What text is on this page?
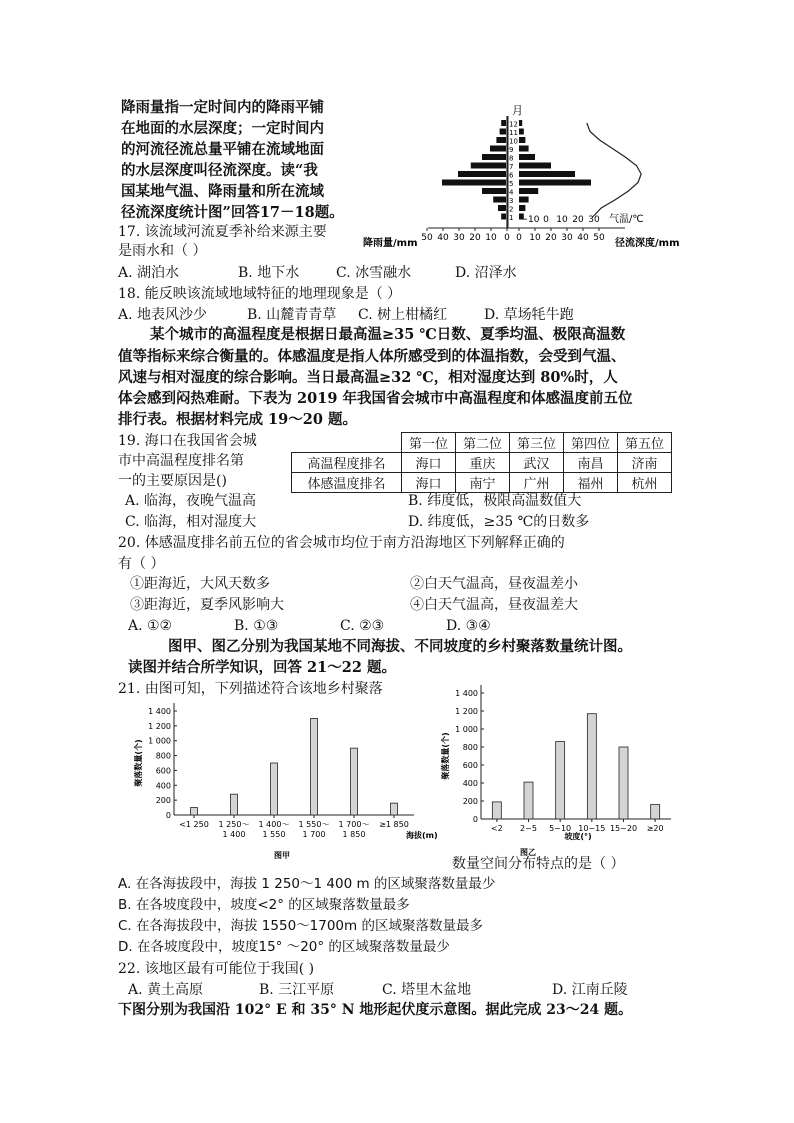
降雨量指一定时间内的降雨平铺
在地面的水层深度；一定时间内
的河流径流总量平铺在流域地面
的水层深度叫径流深度。读“我
国某地气温、降雨量和所在流域
径流深度统计图”回答17－18题。
月
12
11
10
9
8
7
6
5
4
3
2
1
50 40 30 20 10 0 0 10 20 30 40 50
−10 0 10 20 30 气温/℃
降雨量/mm	径流深度/mm
17. 该流域河流夏季补给来源主要
是雨水和（ ）
A. 湖泊水	B. 地下水	C. 冰雪融水	D. 沼泽水
18. 能反映该流域地域特征的地理现象是（ ）
A. 地表风沙少	B. 山麓青青草 C. 树上柑橘红	D. 草场牦牛跑
某个城市的高温程度是根据日最高温≥35 ℃日数、夏季均温、极限高温数
值等指标来综合衡量的。体感温度是指人体所感受到的体温指数，会受到气温、
风速与相对湿度的综合影响。当日最高温≥32 ℃，相对湿度达到 80%时，人
体会感到闷热难耐。下表为 2019 年我国省会城市中高温程度和体感温度前五位
排行表。根据材料完成 19～20 题。
	第一位	第二位	第三位	第四位	第五位
高温程度排名	海口	重庆	武汉	南昌	济南
体感温度排名	海口	南宁	广州	福州	杭州
19. 海口在我国省会城
市中高温程度排名第
一的主要原因是()
A. 临海，夜晚气温高	B. 纬度低，极限高温数值大
C. 临海，相对湿度大	D. 纬度低，≥35 ℃的日数多
20. 体感温度排名前五位的省会城市均位于南方沿海地区下列解释正确的
有（ ）
①距海近，大风天数多	②白天气温高，昼夜温差小
③距海近，夏季风影响大	④白天气温高，昼夜温差大
A. ①②	B. ①③	C. ②③	D. ③④
图甲、图乙分别为我国某地不同海拔、不同坡度的乡村聚落数量统计图。
读图并结合所学知识，回答 21～22 题。
21. 由图可知，下列描述符合该地乡村聚落
0
200
400
600
800
1 000
1 200
1 400
聚落数量(个)
<1 250 1 250～
1 400
1 400～
1 550
1 550～
1 700
1 700～
1 850
≥1 850
海拔(m)
图甲
0
200
400
600
800
1 000
1 200
1 400
聚落数量(个)
<2 2~5 5~10 10~15 15~20 ≥20
坡度(°)
图乙
数量空间分布特点的是（ ）
A. 在各海拔段中，海拔 1 250～1 400 m 的区域聚落数量最少
B. 在各坡度段中，坡度<2° 的区域聚落数量最多
C. 在各海拔段中，海拔 1550～1700m 的区域聚落数量最多
D. 在各坡度段中，坡度15° ～20° 的区域聚落数量最少
22. 该地区最有可能位于我国( )
A. 黄土高原	B. 三江平原	C. 塔里木盆地	D. 江南丘陵
下图分别为我国沿 102° E 和 35° N 地形起伏度示意图。据此完成 23～24 题。
